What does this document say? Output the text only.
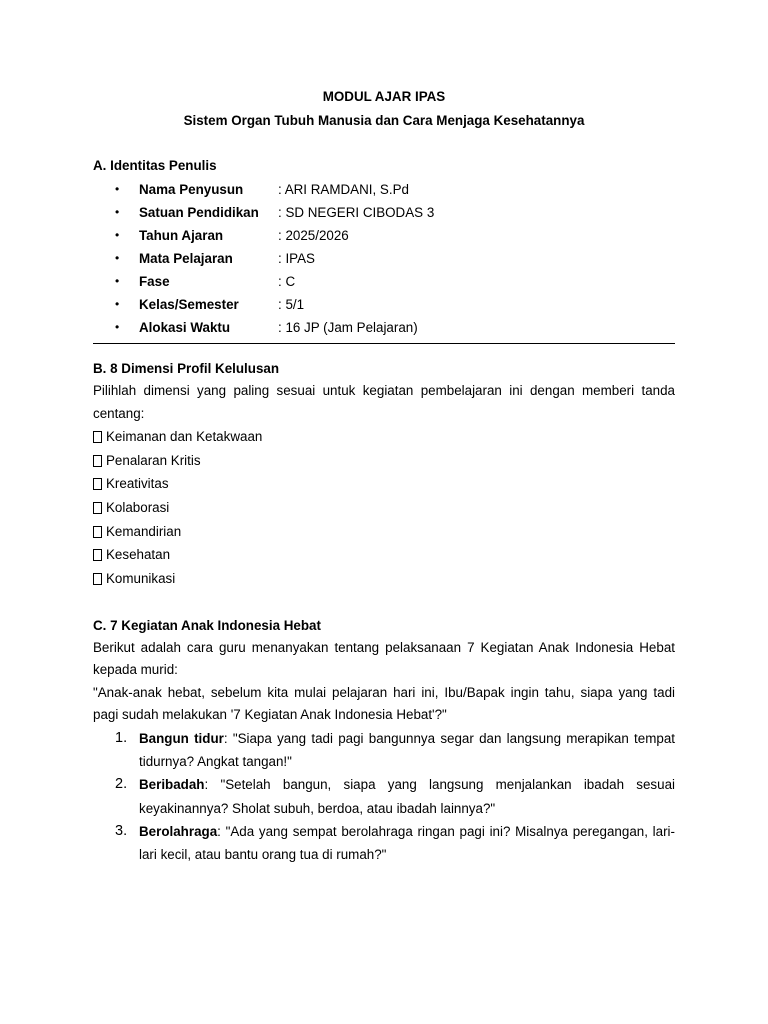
MODUL AJAR IPAS

Sistem Organ Tubuh Manusia dan Cara Menjaga Kesehatannya

A. Identitas Penulis

• Nama Penyusun	: ARI RAMDANI, S.Pd
• Satuan Pendidikan : SD NEGERI CIBODAS 3
• Tahun Ajaran	: 2025/2026
• Mata Pelajaran	: IPAS
• Fase	: C
• Kelas/Semester	: 5/1
• Alokasi Waktu	: 16 JP (Jam Pelajaran)

B. 8 Dimensi Profil Kelulusan

Pilihlah dimensi yang paling sesuai untuk kegiatan pembelajaran ini dengan memberi tanda centang:

Keimanan dan Ketakwaan
Penalaran Kritis
Kreativitas
Kolaborasi
Kemandirian
Kesehatan
Komunikasi

C. 7 Kegiatan Anak Indonesia Hebat

Berikut adalah cara guru menanyakan tentang pelaksanaan 7 Kegiatan Anak Indonesia Hebat kepada murid:

"Anak-anak hebat, sebelum kita mulai pelajaran hari ini, Ibu/Bapak ingin tahu, siapa yang tadi pagi sudah melakukan '7 Kegiatan Anak Indonesia Hebat'?"

1. Bangun tidur: "Siapa yang tadi pagi bangunnya segar dan langsung merapikan tempat tidurnya? Angkat tangan!"
2. Beribadah: "Setelah bangun, siapa yang langsung menjalankan ibadah sesuai keyakinannya? Sholat subuh, berdoa, atau ibadah lainnya?"
3. Berolahraga: "Ada yang sempat berolahraga ringan pagi ini? Misalnya peregangan, lari-lari kecil, atau bantu orang tua di rumah?"
